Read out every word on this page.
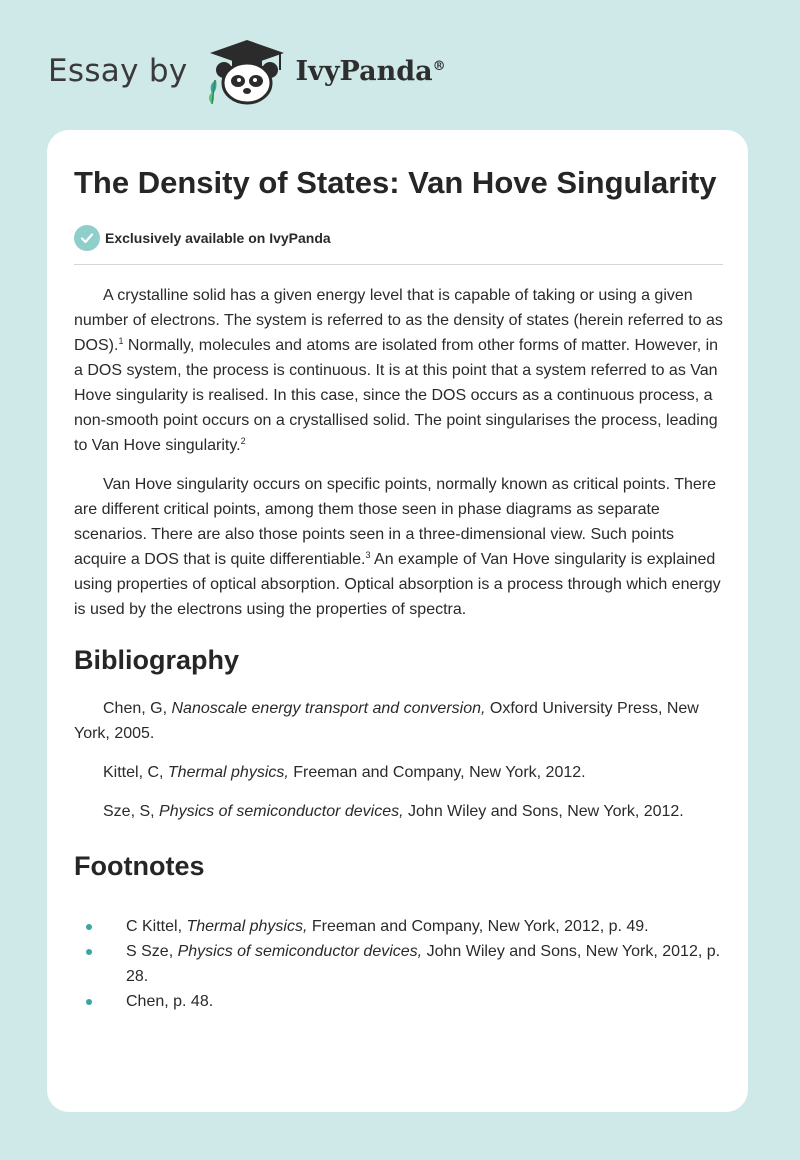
Essay by	IvyPanda®
The Density of States: Van Hove Singularity
Exclusively available on IvyPanda

A crystalline solid has a given energy level that is capable of taking or using a given number of electrons. The system is referred to as the density of states (herein referred to as DOS).$^1$ Normally, molecules and atoms are isolated from other forms of matter. However, in a DOS system, the process is continuous. It is at this point that a system referred to as Van Hove singularity is realised. In this case, since the DOS occurs as a continuous process, a non-smooth point occurs on a crystallised solid. The point singularises the process, leading to Van Hove singularity.$^2$

Van Hove singularity occurs on specific points, normally known as critical points. There are different critical points, among them those seen in phase diagrams as separate scenarios. There are also those points seen in a three-dimensional view. Such points acquire a DOS that is quite differentiable.$^3$ An example of Van Hove singularity is explained using properties of optical absorption. Optical absorption is a process through which energy is used by the electrons using the properties of spectra.

Bibliography
Chen, G, Nanoscale energy transport and conversion, Oxford University Press, New York, 2005.
Kittel, C, Thermal physics, Freeman and Company, New York, 2012.
Sze, S, Physics of semiconductor devices, John Wiley and Sons, New York, 2012.
Footnotes
C Kittel, Thermal physics, Freeman and Company, New York, 2012, p. 49.
S Sze, Physics of semiconductor devices, John Wiley and Sons, New York, 2012, p. 28.
Chen, p. 48.
